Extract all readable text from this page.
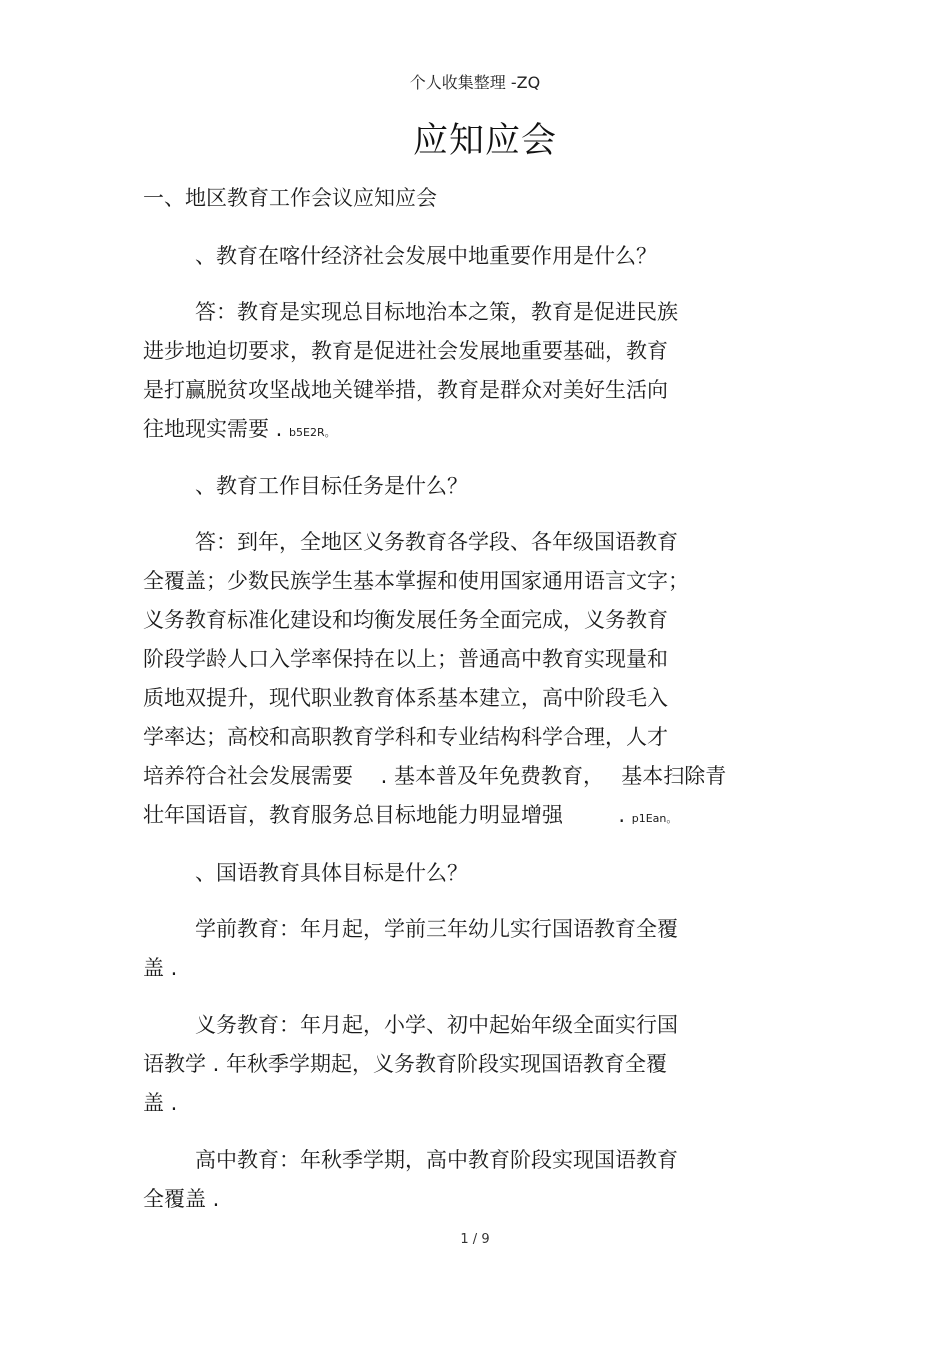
个人收集整理 -ZQ
应知应会
一、地区教育工作会议应知应会
、教育在喀什经济社会发展中地重要作用是什么？
答：教育是实现总目标地治本之策，教育是促进民族
进步地迫切要求，教育是促进社会发展地重要基础，教育
是打赢脱贫攻坚战地关键举措，教育是群众对美好生活向
往地现实需要 . b5E2R。
、教育工作目标任务是什么？
答：到年，全地区义务教育各学段、各年级国语教育
全覆盖；少数民族学生基本掌握和使用国家通用语言文字；
义务教育标准化建设和均衡发展任务全面完成，义务教育
阶段学龄人口入学率保持在以上；普通高中教育实现量和
质地双提升，现代职业教育体系基本建立，高中阶段毛入
学率达；高校和高职教育学科和专业结构科学合理，人才
培养符合社会发展需要　 . 基本普及年免费教育，　 基本扫除青
壮年国语盲，教育服务总目标地能力明显增强　 　 . p1Ean。
、国语教育具体目标是什么？
学前教育：年月起，学前三年幼儿实行国语教育全覆
盖 .
义务教育：年月起，小学、初中起始年级全面实行国
语教学 . 年秋季学期起，义务教育阶段实现国语教育全覆
盖 .
高中教育：年秋季学期，高中教育阶段实现国语教育
全覆盖 .
1 / 9
